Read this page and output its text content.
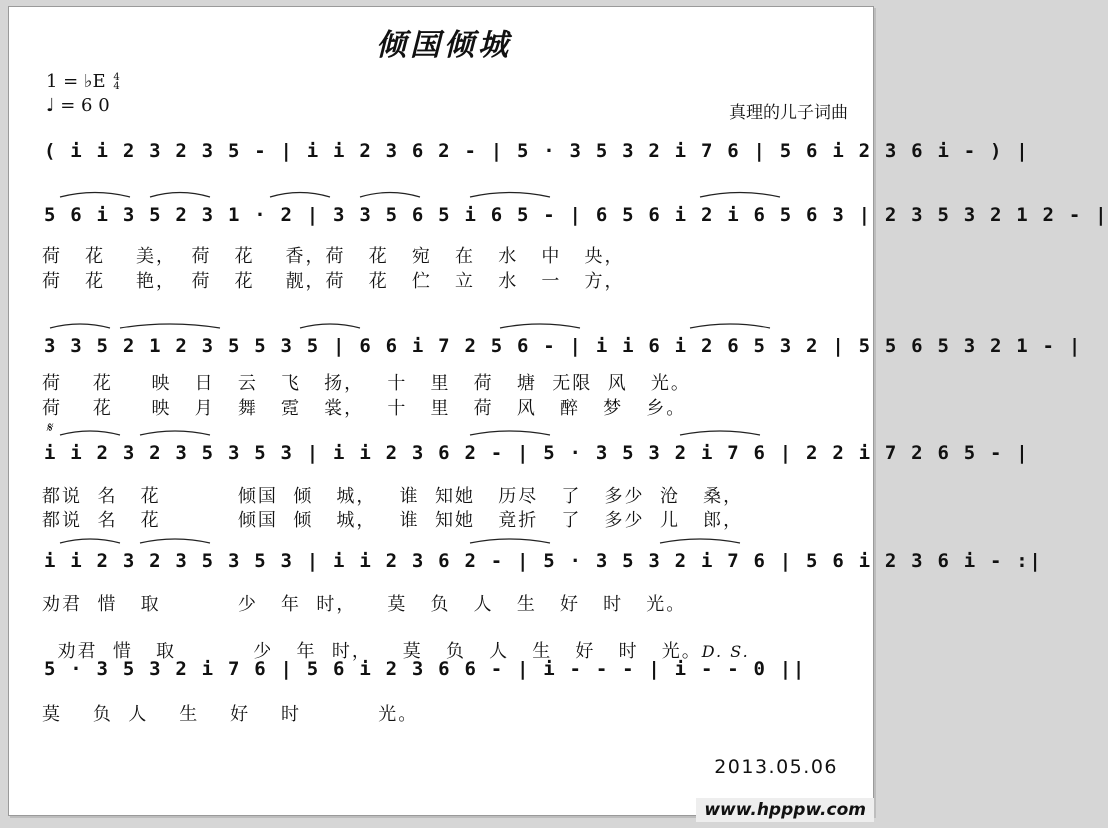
倾国倾城
1 = ♭E 4
4
♩ = 6 0	真理的儿子词曲
( i i 2 3 2 3 5 - | i i 2 3 6 2 - | 5 · 3 5 3 2 i 7 6 | 5 6 i 2 3 6 i - ) |
5 6 i 3 5 2 3 1 · 2 | 3 3 5 6 5 i 6 5 - | 6 5 6 i 2 i 6 5 6 3 | 2 3 5 3 2 1 2 - |
荷   花    美，  荷   花    香，荷   花   宛   在   水   中   央，
荷   花    艳，  荷   花    靓，荷   花   伫   立   水   一   方，
3 3 5 2 1 2 3 5 5 3 5 | 6 6 i 7 2 5 6 - | i i 6 i 2 6 5 3 2 | 5 5 6 5 3 2 1 - |
荷    花     映   日   云   飞   扬，   十   里   荷   塘  无限  风   光。
荷    花     映   月   舞   霓   裳，   十   里   荷   风   醉   梦   乡。
𝄋
i i 2 3 2 3 5 3 5 3 | i i 2 3 6 2 - | 5 · 3 5 3 2 i 7 6 | 2 2 i 7 2 6 5 - |
都说  名   花          倾国  倾   城，   谁  知她   历尽   了   多少  沧   桑，
都说  名   花          倾国  倾   城，   谁  知她   竟折   了   多少  儿   郎，
i i 2 3 2 3 5 3 5 3 | i i 2 3 6 2 - | 5 · 3 5 3 2 i 7 6 | 5 6 i 2 3 6 i - :|
劝君  惜   取          少   年  时，    莫   负   人   生   好   时   光。

劝君  惜   取          少   年  时，    莫   负   人   生   好   时   光。D. S.

5 · 3 5 3 2 i 7 6 | 5 6 i 2 3 6 6 - | i - - - | i - - 0 ||
莫    负  人    生    好    时          光。
2013.05.06
www.hpppw.com
